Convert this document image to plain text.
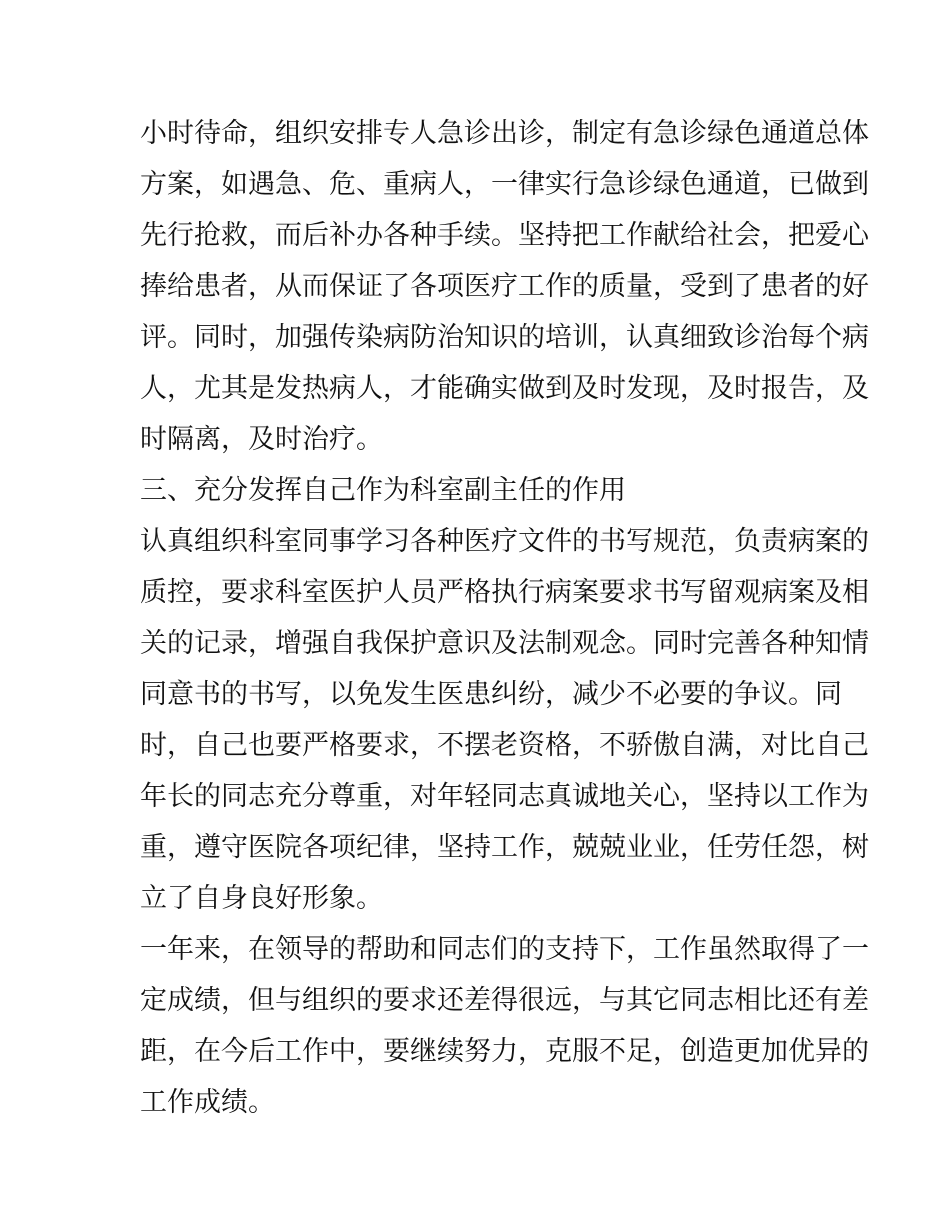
小时待命，组织安排专人急诊出诊，制定有急诊绿色通道总体
方案，如遇急、危、重病人，一律实行急诊绿色通道，已做到
先行抢救，而后补办各种手续。坚持把工作献给社会，把爱心
捧给患者，从而保证了各项医疗工作的质量，受到了患者的好
评。同时，加强传染病防治知识的培训，认真细致诊治每个病
人，尤其是发热病人，才能确实做到及时发现，及时报告，及
时隔离，及时治疗。
三、充分发挥自己作为科室副主任的作用
认真组织科室同事学习各种医疗文件的书写规范，负责病案的
质控，要求科室医护人员严格执行病案要求书写留观病案及相
关的记录，增强自我保护意识及法制观念。同时完善各种知情
同意书的书写，以免发生医患纠纷，减少不必要的争议。同
时，自己也要严格要求，不摆老资格，不骄傲自满，对比自己
年长的同志充分尊重，对年轻同志真诚地关心，坚持以工作为
重，遵守医院各项纪律，坚持工作，兢兢业业，任劳任怨，树
立了自身良好形象。
一年来，在领导的帮助和同志们的支持下，工作虽然取得了一
定成绩，但与组织的要求还差得很远，与其它同志相比还有差
距，在今后工作中，要继续努力，克服不足，创造更加优异的
工作成绩。
